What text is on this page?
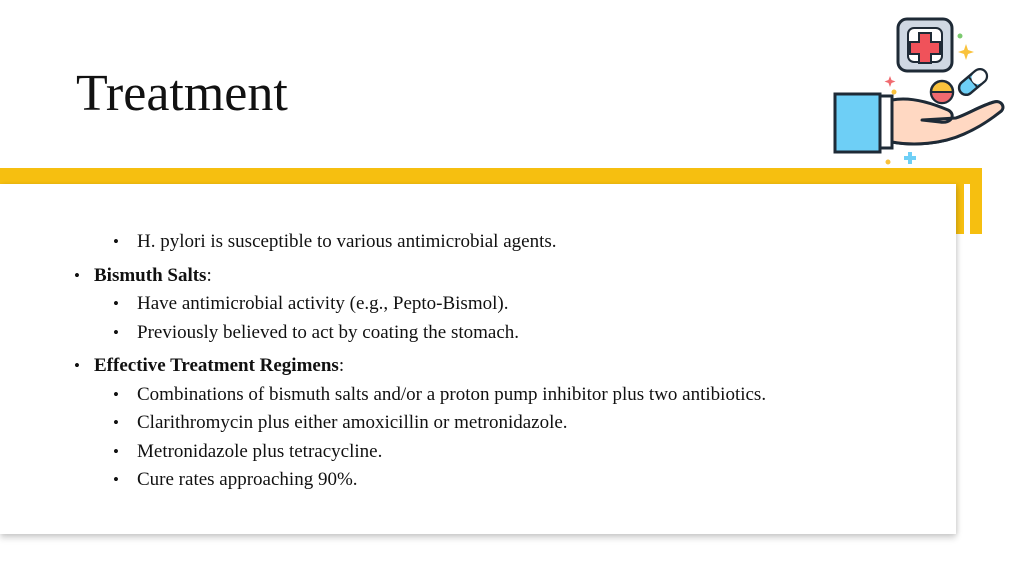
Treatment
• H. pylori is susceptible to various antimicrobial agents.
• Bismuth Salts:
• Have antimicrobial activity (e.g., Pepto-Bismol).
• Previously believed to act by coating the stomach.
• Effective Treatment Regimens:
• Combinations of bismuth salts and/or a proton pump inhibitor plus two antibiotics.
• Clarithromycin plus either amoxicillin or metronidazole.
• Metronidazole plus tetracycline.
• Cure rates approaching 90%.
